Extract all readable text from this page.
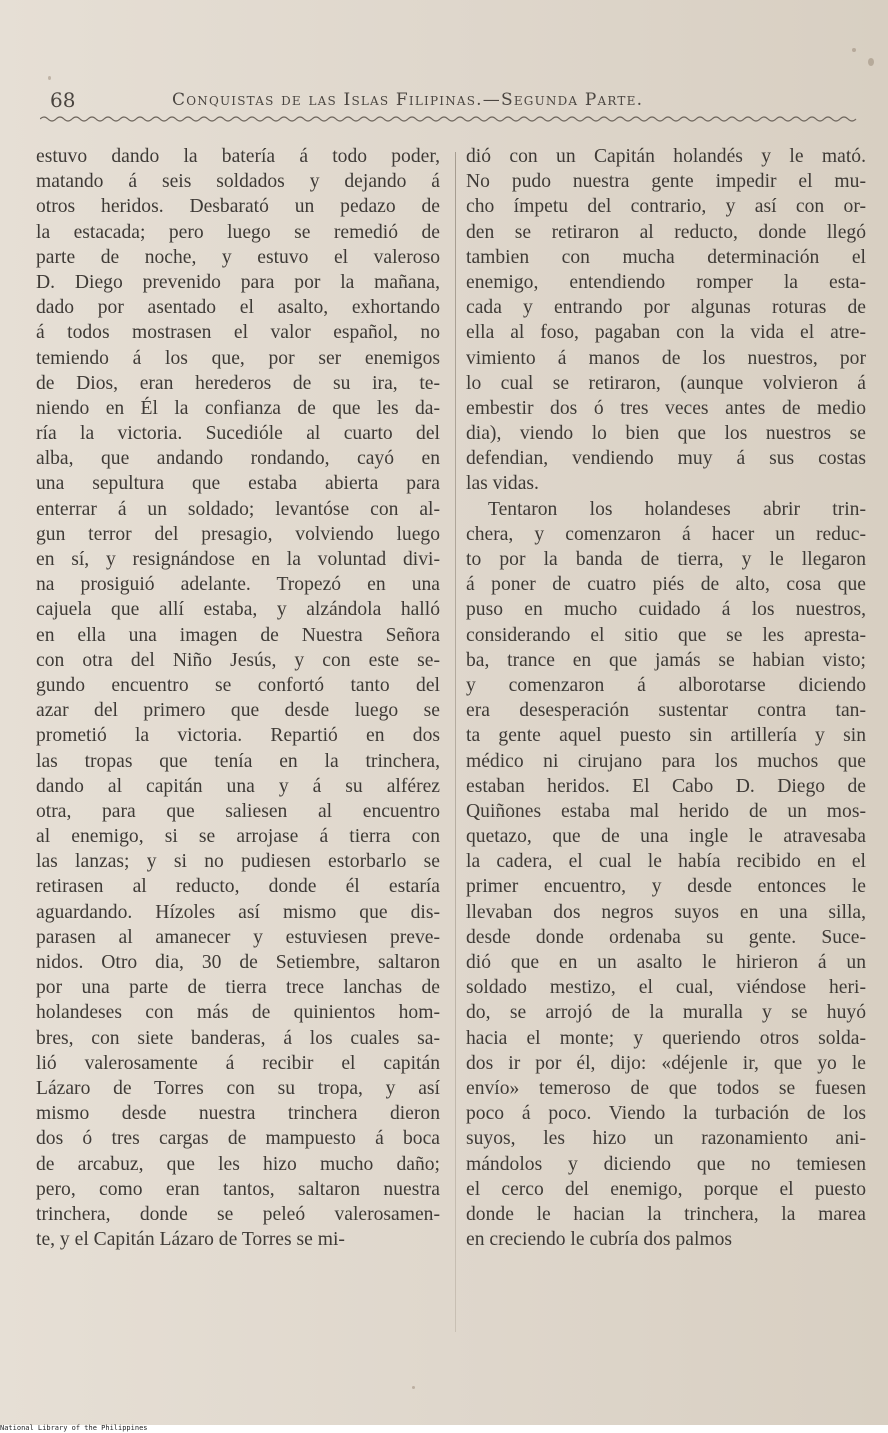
68	Conquistas de las Islas Filipinas.—Segunda Parte.
estuvo dando la batería á todo poder,
matando á seis soldados y dejando á
otros heridos. Desbarató un pedazo de
la estacada; pero luego se remedió de
parte de noche, y estuvo el valeroso
D. Diego prevenido para por la mañana,
dado por asentado el asalto, exhortando
á todos mostrasen el valor español, no
temiendo á los que, por ser enemigos
de Dios, eran herederos de su ira, te-
niendo en Él la confianza de que les da-
ría la victoria. Sucedióle al cuarto del
alba, que andando rondando, cayó en
una sepultura que estaba abierta para
enterrar á un soldado; levantóse con al-
gun terror del presagio, volviendo luego
en sí, y resignándose en la voluntad divi-
na prosiguió adelante. Tropezó en una
cajuela que allí estaba, y alzándola halló
en ella una imagen de Nuestra Señora
con otra del Niño Jesús, y con este se-
gundo encuentro se confortó tanto del
azar del primero que desde luego se
prometió la victoria. Repartió en dos
las tropas que tenía en la trinchera,
dando al capitán una y á su alférez
otra, para que saliesen al encuentro
al enemigo, si se arrojase á tierra con
las lanzas; y si no pudiesen estorbarlo se
retirasen al reducto, donde él estaría
aguardando. Hízoles así mismo que dis-
parasen al amanecer y estuviesen preve-
nidos. Otro dia, 30 de Setiembre, saltaron
por una parte de tierra trece lanchas de
holandeses con más de quinientos hom-
bres, con siete banderas, á los cuales sa-
lió valerosamente á recibir el capitán
Lázaro de Torres con su tropa, y así
mismo desde nuestra trinchera dieron
dos ó tres cargas de mampuesto á boca
de arcabuz, que les hizo mucho daño;
pero, como eran tantos, saltaron nuestra
trinchera, donde se peleó valerosamen-
te, y el Capitán Lázaro de Torres se mi-
dió con un Capitán holandés y le mató.
No pudo nuestra gente impedir el mu-
cho ímpetu del contrario, y así con or-
den se retiraron al reducto, donde llegó
tambien con mucha determinación el
enemigo, entendiendo romper la esta-
cada y entrando por algunas roturas de
ella al foso, pagaban con la vida el atre-
vimiento á manos de los nuestros, por
lo cual se retiraron, (aunque volvieron á
embestir dos ó tres veces antes de medio
dia), viendo lo bien que los nuestros se
defendian, vendiendo muy á sus costas
las vidas.
Tentaron los holandeses abrir trin-
chera, y comenzaron á hacer un reduc-
to por la banda de tierra, y le llegaron
á poner de cuatro piés de alto, cosa que
puso en mucho cuidado á los nuestros,
considerando el sitio que se les apresta-
ba, trance en que jamás se habian visto;
y comenzaron á alborotarse diciendo
era desesperación sustentar contra tan-
ta gente aquel puesto sin artillería y sin
médico ni cirujano para los muchos que
estaban heridos. El Cabo D. Diego de
Quiñones estaba mal herido de un mos-
quetazo, que de una ingle le atravesaba
la cadera, el cual le había recibido en el
primer encuentro, y desde entonces le
llevaban dos negros suyos en una silla,
desde donde ordenaba su gente. Suce-
dió que en un asalto le hirieron á un
soldado mestizo, el cual, viéndose heri-
do, se arrojó de la muralla y se huyó
hacia el monte; y queriendo otros solda-
dos ir por él, dijo: «déjenle ir, que yo le
envío» temeroso de que todos se fuesen
poco á poco. Viendo la turbación de los
suyos, les hizo un razonamiento ani-
mándolos y diciendo que no temiesen
el cerco del enemigo, porque el puesto
donde le hacian la trinchera, la marea
en creciendo le cubría dos palmos
National Library of the Philippines
